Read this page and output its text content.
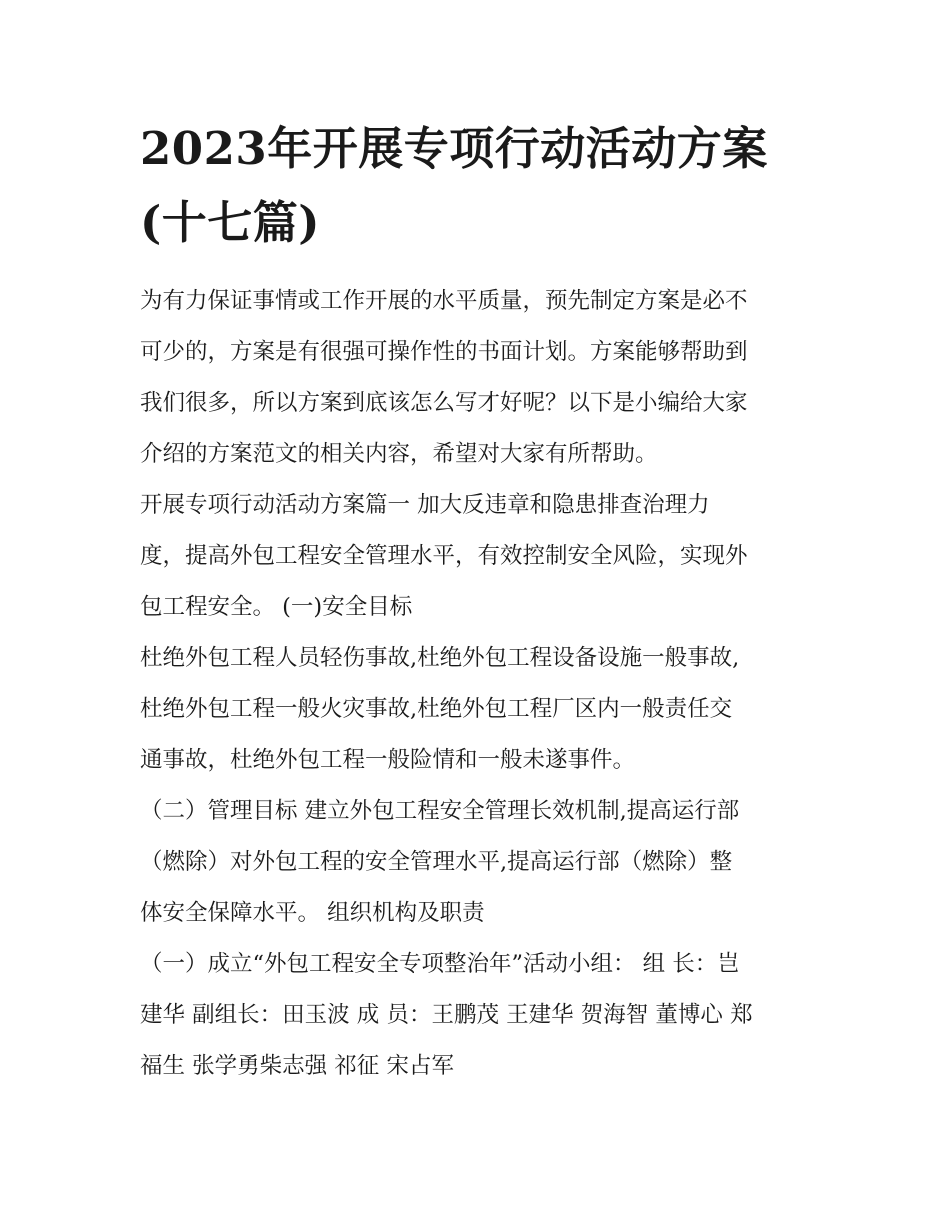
2023年开展专项行动活动方案
(十七篇)

为有力保证事情或工作开展的水平质量，预先制定方案是必不
可少的，方案是有很强可操作性的书面计划。方案能够帮助到
我们很多，所以方案到底该怎么写才好呢？以下是小编给大家
介绍的方案范文的相关内容，希望对大家有所帮助。

开展专项行动活动方案篇一 加大反违章和隐患排查治理力
度，提高外包工程安全管理水平，有效控制安全风险，实现外
包工程安全。 (一)安全目标

杜绝外包工程人员轻伤事故,杜绝外包工程设备设施一般事故,
杜绝外包工程一般火灾事故,杜绝外包工程厂区内一般责任交
通事故，杜绝外包工程一般险情和一般未遂事件。

（二）管理目标 建立外包工程安全管理长效机制,提高运行部
（燃除）对外包工程的安全管理水平,提高运行部（燃除）整
体安全保障水平。 组织机构及职责

（一）成立“外包工程安全专项整治年”活动小组： 组 长：岂
建华 副组长：田玉波 成 员：王鹏茂 王建华 贺海智 董博心 郑
福生 张学勇柴志强 祁征 宋占军
